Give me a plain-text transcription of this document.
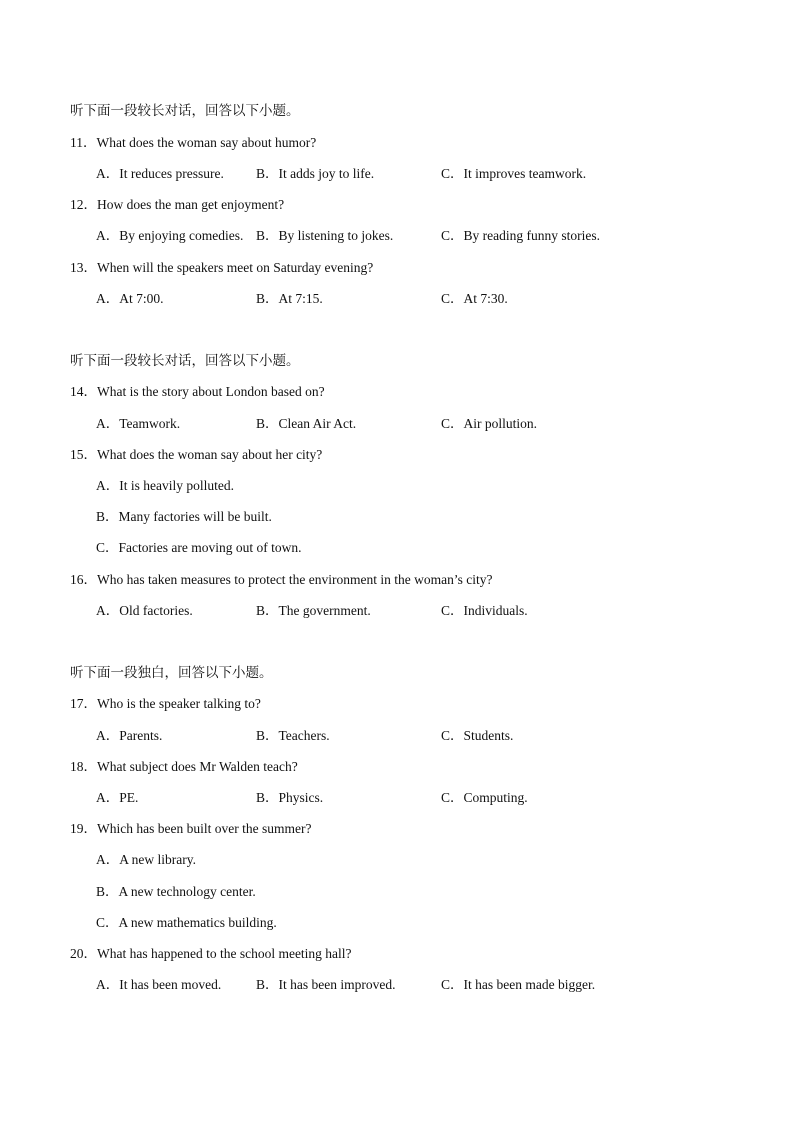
听下面一段较长对话，回答以下小题。
11．What does the woman say about humor?
A．It reduces pressure. B．It adds joy to life.	C．It improves teamwork.
12．How does the man get enjoyment?
A．By enjoying comedies. B．By listening to jokes.	C．By reading funny stories.
13．When will the speakers meet on Saturday evening?
A．At 7:00.	B．At 7:15.	C．At 7:30.
听下面一段较长对话，回答以下小题。
14．What is the story about London based on?
A．Teamwork.	B．Clean Air Act.	C．Air pollution.
15．What does the woman say about her city?
A．It is heavily polluted.
B．Many factories will be built.
C．Factories are moving out of town.
16．Who has taken measures to protect the environment in the woman’s city?
A．Old factories.	B．The government.	C．Individuals.
听下面一段独白，回答以下小题。
17．Who is the speaker talking to?
A．Parents.	B．Teachers.	C．Students.
18．What subject does Mr Walden teach?
A．PE.	B．Physics.	C．Computing.
19．Which has been built over the summer?
A．A new library.
B．A new technology center.
C．A new mathematics building.
20．What has happened to the school meeting hall?
A．It has been moved.	B．It has been improved.	C．It has been made bigger.
